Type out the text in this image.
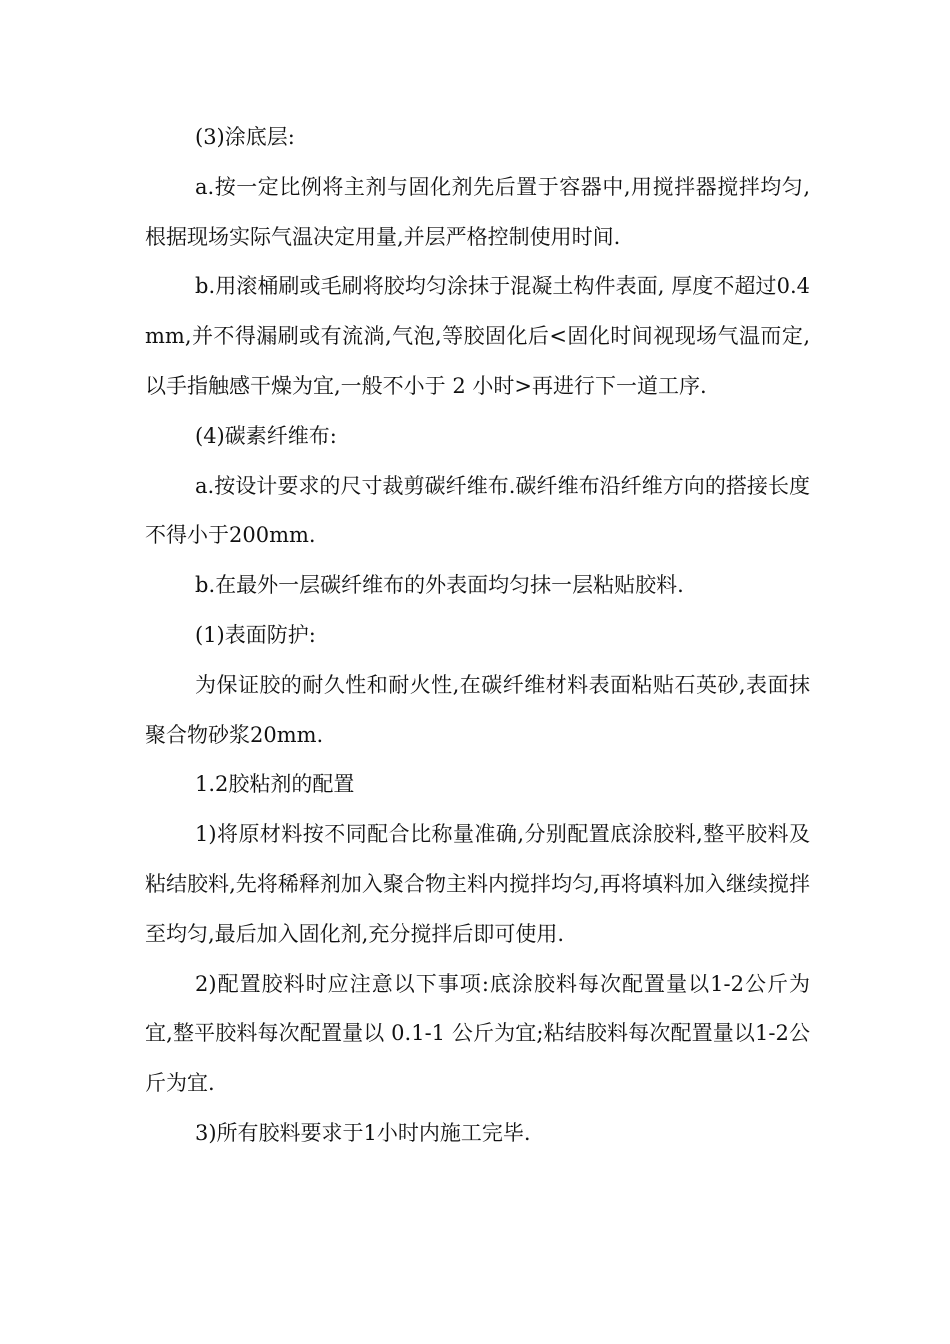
(3)涂底层:

a.按一定比例将主剂与固化剂先后置于容器中,用搅拌器搅拌均匀,根据现场实际气温决定用量,并层严格控制使用时间.

b.用滚桶刷或毛刷将胶均匀涂抹于混凝土构件表面, 厚度不超过0.4mm,并不得漏刷或有流淌,气泡,等胶固化后<固化时间视现场气温而定,以手指触感干燥为宜,一般不小于 2 小时>再进行下一道工序.

(4)碳素纤维布:

a.按设计要求的尺寸裁剪碳纤维布.碳纤维布沿纤维方向的搭接长度不得小于200mm.

b.在最外一层碳纤维布的外表面均匀抹一层粘贴胶料.

(1)表面防护:

为保证胶的耐久性和耐火性,在碳纤维材料表面粘贴石英砂,表面抹聚合物砂浆20mm.

1.2胶粘剂的配置

1)将原材料按不同配合比称量准确,分别配置底涂胶料,整平胶料及粘结胶料,先将稀释剂加入聚合物主料内搅拌均匀,再将填料加入继续搅拌至均匀,最后加入固化剂,充分搅拌后即可使用.

2)配置胶料时应注意以下事项:底涂胶料每次配置量以1-2公斤为宜,整平胶料每次配置量以 0.1-1 公斤为宜;粘结胶料每次配置量以1-2公斤为宜.

3)所有胶料要求于1小时内施工完毕.
